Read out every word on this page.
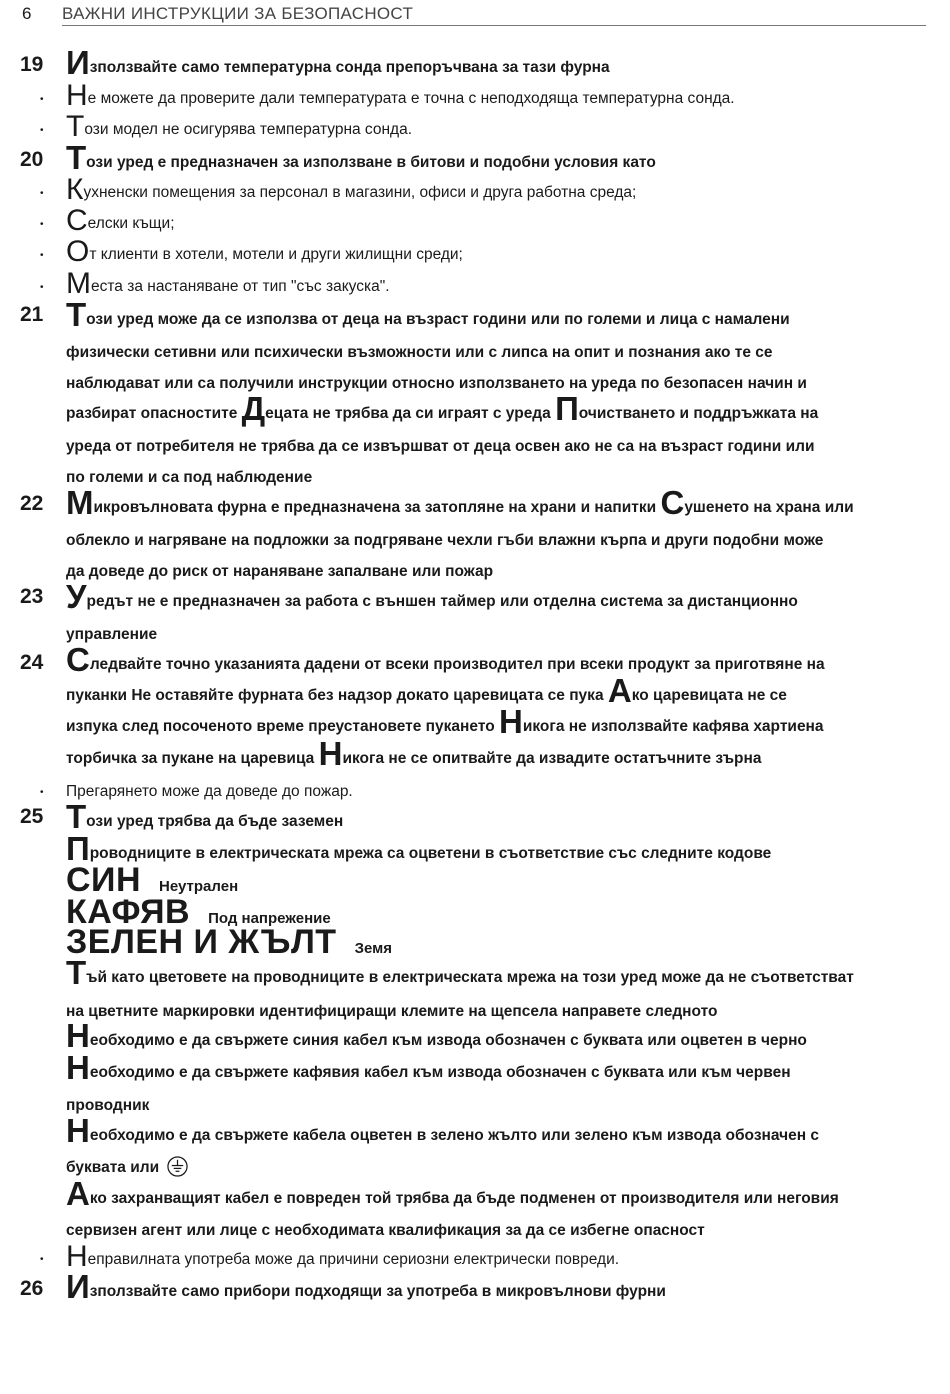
6 ВАЖНИ ИНСТРУКЦИИ ЗА БЕЗОПАСНОСТ
19 Използвайте само температурна сонда препоръчвана за тази фурна
• Не можете да проверите дали температурата е точна с неподходяща температурна сонда.
• Този модел не осигурява температурна сонда.
20 Този уред е предназначен за използване в битови и подобни условия като
• Кухненски помещения за персонал в магазини, офиси и друга работна среда;
• Селски къщи;
• От клиенти в хотели, мотели и други жилищни среди;
• Места за настаняване от тип "със закуска".
21 Този уред може да се използва от деца на възраст години или по големи и лица с намалени
физически сетивни или психически възможности или с липса на опит и познания ако те се
наблюдават или са получили инструкции относно използването на уреда по безопасен начин и
разбират опасностите Децата не трябва да си играят с уреда Почистването и поддръжката на
уреда от потребителя не трябва да се извършват от деца освен ако не са на възраст години или
по големи и са под наблюдение
22 Микровълновата фурна е предназначена за затопляне на храни и напитки Сушенето на храна или
облекло и нагряване на подложки за подгряване чехли гъби влажни кърпа и други подобни може
да доведе до риск от нараняване запалване или пожар
23 Уредът не е предназначен за работа с външен таймер или отделна система за дистанционно
управление
24 Следвайте точно указанията дадени от всеки производител при всеки продукт за приготвяне на
пуканки Не оставяйте фурната без надзор докато царевицата се пука Ако царевицата не се
изпука след посоченото време преустановете пукането Никога не използвайте кафява хартиена
торбичка за пукане на царевица Никога не се опитвайте да извадите остатъчните зърна
• Прегарянето може да доведе до пожар.
25 Този уред трябва да бъде заземен
Проводниците в електрическата мрежа са оцветени в съответствие със следните кодове
СИН Неутрален
КАФЯВ Под напрежение
ЗЕЛЕН И ЖЪЛТ Земя
Тъй като цветовете на проводниците в електрическата мрежа на този уред може да не съответстват
на цветните маркировки идентифициращи клемите на щепсела направете следното
Необходимо е да свържете синия кабел към извода обозначен с буквата или оцветен в черно
Необходимо е да свържете кафявия кабел към извода обозначен с буквата или към червен
проводник
Необходимо е да свържете кабела оцветен в зелено жълто или зелено към извода обозначен с
буквата или
Ако захранващият кабел е повреден той трябва да бъде подменен от производителя или неговия
сервизен агент или лице с необходимата квалификация за да се избегне опасност
• Неправилната употреба може да причини сериозни електрически повреди.
26 Използвайте само прибори подходящи за употреба в микровълнови фурни
